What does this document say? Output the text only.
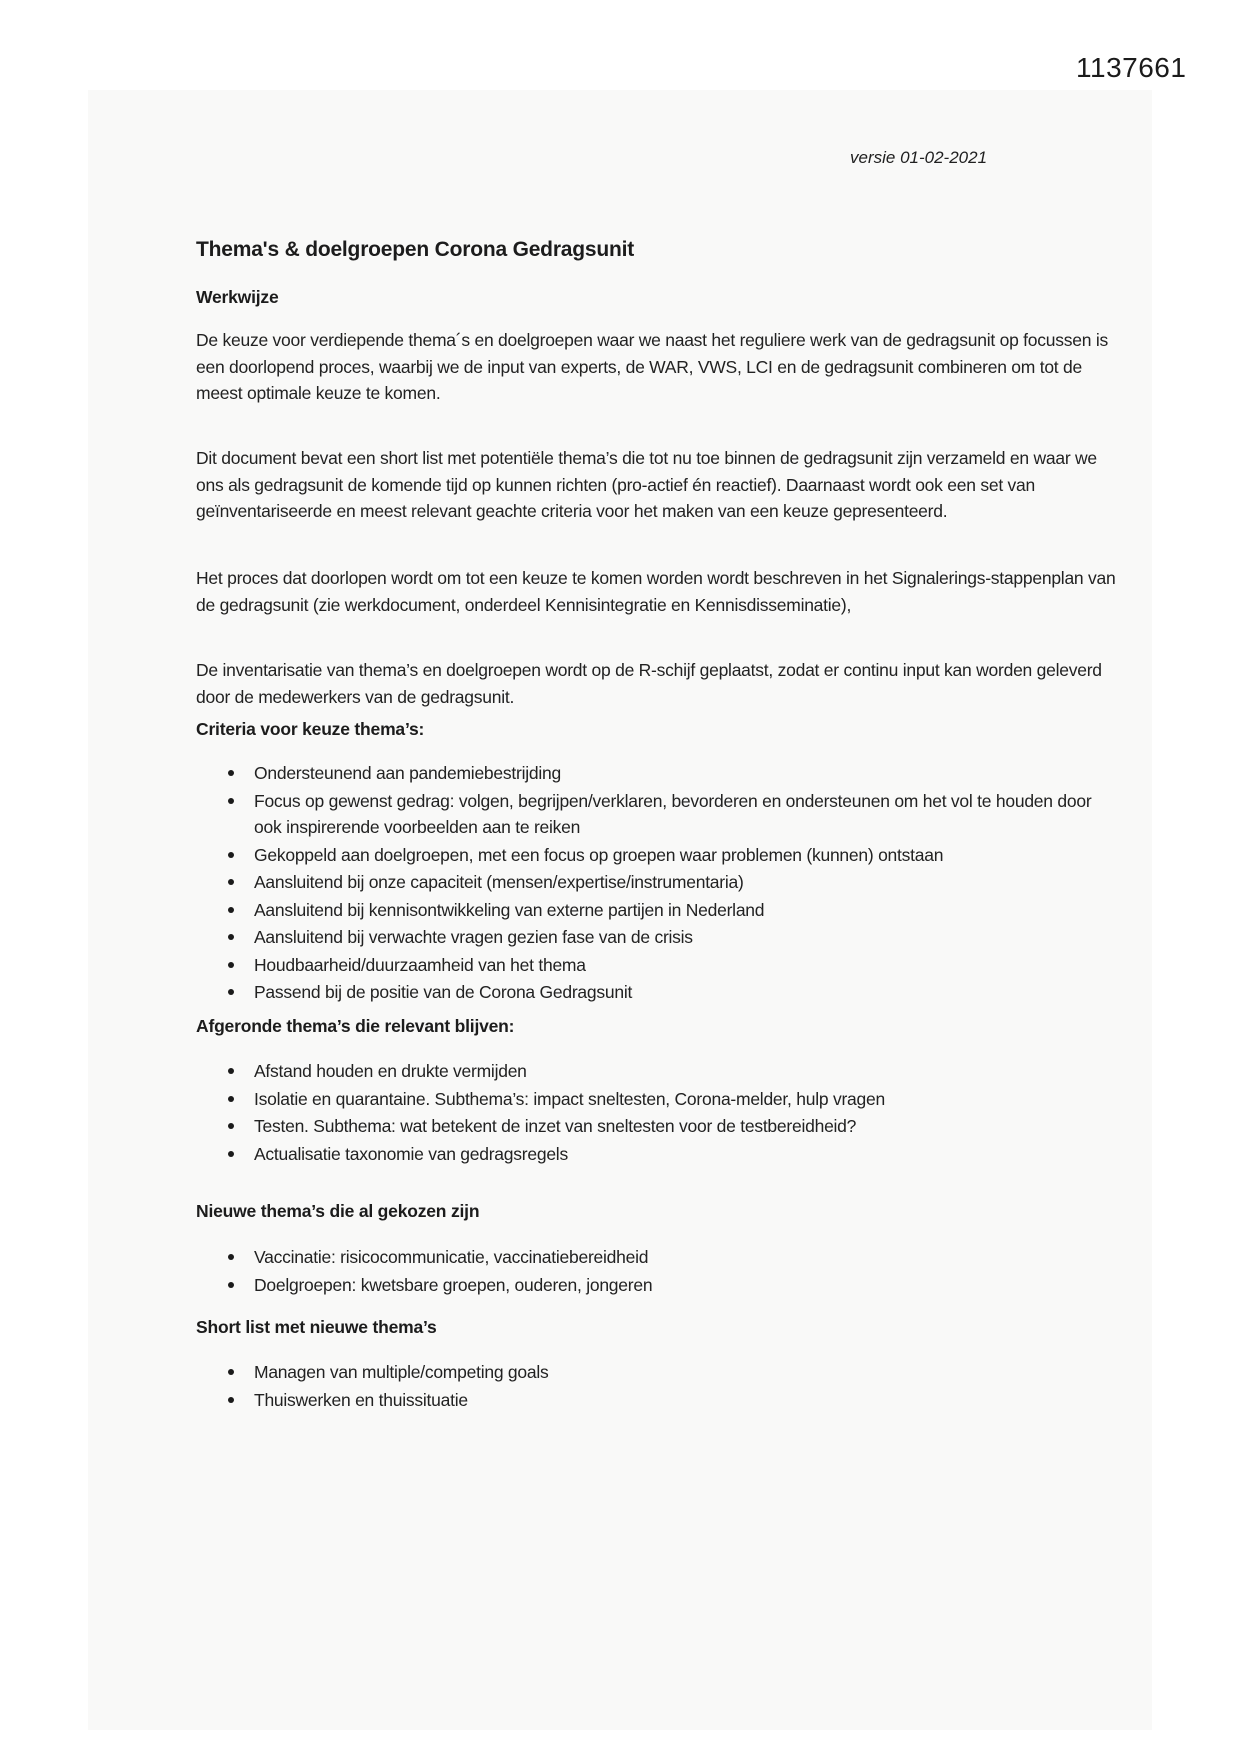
1137661
versie 01-02-2021
Thema's & doelgroepen Corona Gedragsunit
Werkwijze

De keuze voor verdiepende thema´s en doelgroepen waar we naast het reguliere werk van de gedragsunit op focussen is een doorlopend proces, waarbij we de input van experts, de WAR, VWS, LCI en de gedragsunit combineren om tot de meest optimale keuze te komen.

Dit document bevat een short list met potentiële thema’s die tot nu toe binnen de gedragsunit zijn verzameld en waar we ons als gedragsunit de komende tijd op kunnen richten (pro-actief én reactief). Daarnaast wordt ook een set van geïnventariseerde en meest relevant geachte criteria voor het maken van een keuze gepresenteerd.

Het proces dat doorlopen wordt om tot een keuze te komen worden wordt beschreven in het Signalerings-stappenplan van de gedragsunit (zie werkdocument, onderdeel Kennisintegratie en Kennisdisseminatie),

De inventarisatie van thema’s en doelgroepen wordt op de R-schijf geplaatst, zodat er continu input kan worden geleverd door de medewerkers van de gedragsunit.

Criteria voor keuze thema’s:
Ondersteunend aan pandemiebestrijding
Focus op gewenst gedrag: volgen, begrijpen/verklaren, bevorderen en ondersteunen om het vol te houden door ook inspirerende voorbeelden aan te reiken
Gekoppeld aan doelgroepen, met een focus op groepen waar problemen (kunnen) ontstaan
Aansluitend bij onze capaciteit (mensen/expertise/instrumentaria)
Aansluitend bij kennisontwikkeling van externe partijen in Nederland
Aansluitend bij verwachte vragen gezien fase van de crisis
Houdbaarheid/duurzaamheid van het thema
Passend bij de positie van de Corona Gedragsunit
Afgeronde thema’s die relevant blijven:
Afstand houden en drukte vermijden
Isolatie en quarantaine. Subthema’s: impact sneltesten, Corona-melder, hulp vragen
Testen. Subthema: wat betekent de inzet van sneltesten voor de testbereidheid?
Actualisatie taxonomie van gedragsregels
Nieuwe thema’s die al gekozen zijn
Vaccinatie: risicocommunicatie, vaccinatiebereidheid
Doelgroepen: kwetsbare groepen, ouderen, jongeren
Short list met nieuwe thema’s
Managen van multiple/competing goals
Thuiswerken en thuissituatie
